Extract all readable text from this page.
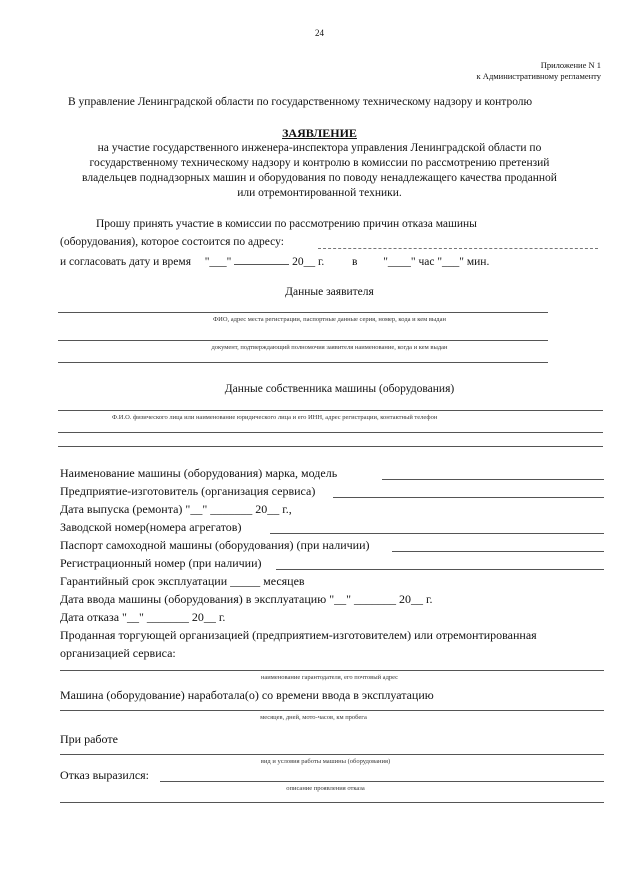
24
Приложение N 1
к Административному регламенту
В управление Ленинградской области по государственному техническому надзору и контролю
ЗАЯВЛЕНИЕ
на участие государственного инженера-инспектора управления Ленинградской области по
государственному техническому надзору и контролю в комиссии по рассмотрению претензий
владельцев поднадзорных машин и оборудования по поводу ненадлежащего качества проданной
или отремонтированной техники.
Прошу принять участие в комиссии по рассмотрению причин отказа машины
(оборудования), которое состоится по адресу:
и согласовать дату и время "___"	20__ г. в "____" час "___" мин.
Данные заявителя
ФИО, адрес места регистрации, паспортные данные серия, номер, кода и кем выдан
документ, подтверждающий полномочия заявителя наименование, когда и кем выдан
Данные собственника машины (оборудования)
Ф.И.О. физического лица или наименование юридического лица и его ИНН, адрес регистрации, контактный телефон
Наименование машины (оборудования) марка, модель
Предприятие-изготовитель (организация сервиса)
Дата выпуска (ремонта) "__" _______ 20__ г.,
Заводской номер(номера агрегатов)
Паспорт самоходной машины (оборудования) (при наличии)
Регистрационный номер (при наличии)
Гарантийный срок эксплуатации _____ месяцев
Дата ввода машины (оборудования) в эксплуатацию "__" _______ 20__ г.
Дата отказа "__" _______ 20__ г.
Проданная торгующей организацией (предприятием-изготовителем) или отремонтированная
организацией сервиса:
наименование гарантодателя, его почтовый адрес
Машина (оборудование) наработала(о) со времени ввода в эксплуатацию
месяцев, дней, мото-часов, км пробега
При работе
вид и условия работы машины (оборудования)
Отказ выразился:
описание проявления отказа
